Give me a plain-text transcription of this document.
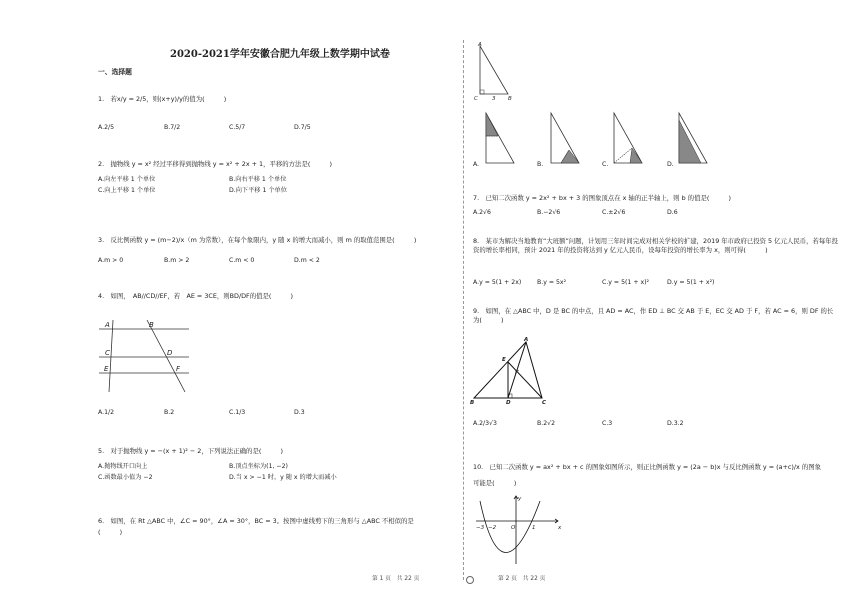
2020-2021学年安徽合肥九年级上数学期中试卷
一、选择题
1.　若x/y = 2/5，则(x+y)/y的值为(　　　)
A.2/5	B.7/2	C.5/7	D.7/5
2.　抛物线 y = x² 经过平移得到抛物线 y = x² + 2x + 1，平移的方法是(　　　)
A.向左平移 1 个单位	B.向右平移 1 个单位
C.向上平移 1 个单位	D.向下平移 1 个单位
3.　反比例函数 y = (m−2)/x（m 为常数），在每个象限内，y 随 x 的增大而减小，则 m 的取值范围是(　　　)
A.m > 0	B.m > 2	C.m < 0	D.m < 2
4.　如图，　AB//CD//EF，若　AE = 3CE，则BD/DF的值是(　　　)
A	B
C	D
E	F
A.1/2	B.2	C.1/3	D.3
5.　对于抛物线 y = −(x + 1)² − 2，下列说法正确的是(　　　)
A.抛物线开口向上	B.顶点坐标为(1, −2)
C.函数最小值为 −2	D.当 x > −1 时，y 随 x 的增大而减小
6.　如图，在 Rt △ABC 中，∠C = 90°，∠A = 30°，BC = 3。按图中虚线剪下的三角形与 △ABC 不相似的是
(　　　)
A
C	3 B
A.	B.	C.	D.
7.　已知二次函数 y = 2x² + bx + 3 的图象顶点在 x 轴的正半轴上，则 b 的值是(　　　)
A.2√6	B.−2√6	C.±2√6	D.6
8.　某市为解决当地教育“大班额”问题，计划用三年时间完成对相关学校的扩建，2019 年市政府已投资 5 亿元人民币，若每年投资的增长率相同，预计 2021 年的投资将达到 y 亿元人民币，设每年投资的增长率为 x，则可得(　　　)
A.y = 5(1 + 2x)	B.y = 5x²	C.y = 5(1 + x)²	D.y = 5(1 + x²)
9.　如图，在 △ABC 中，D 是 BC 的中点，且 AD = AC，作 ED ⊥ BC 交 AB 于 E，EC 交 AD 于 F，若 AC = 6，则 DF 的长为(　　　)
A
E
F
B	D	C
A.2/3√3	B.2√2	C.3	D.3.2
10.　已知二次函数 y = ax² + bx + c 的图象如图所示，则正比例函数 y = (2a − b)x 与反比例函数 y = (a+c)/x 的图象
可能是(　　　)
y
−3 −2	O	1	x
第 1 页　共 22 页	第 2 页　共 22 页
